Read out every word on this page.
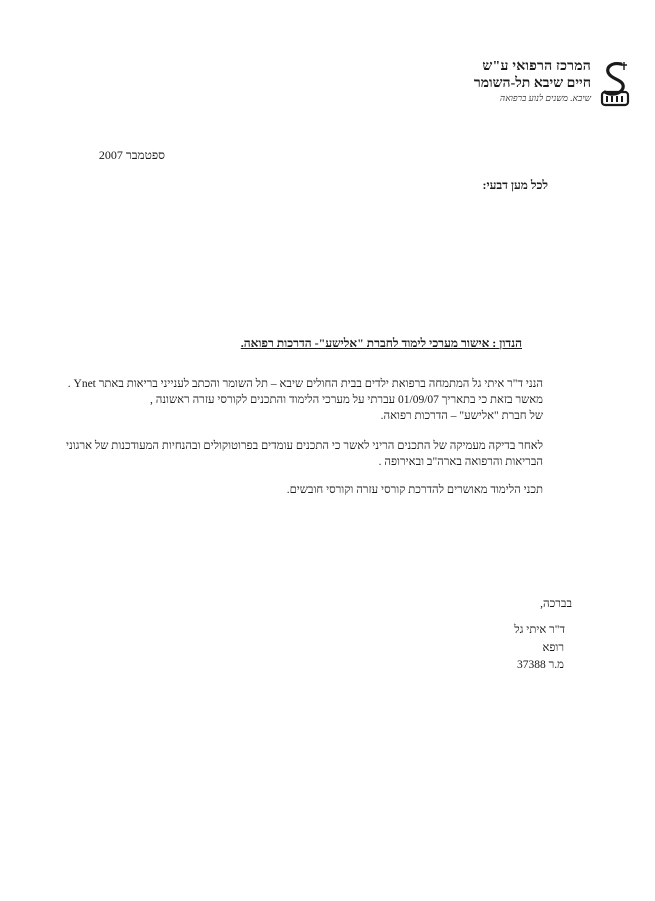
המרכז הרפואי ע"ש
חיים שיבא תל-השומר
שיבא. משנים לנוע ברפואה
ספטמבר 2007
לכל מען דבעי:
הנדון : אישור מערכי לימוד לחברת "אלישע"- הדרכות רפואה.
הנני ד"ר איתי גל המתמחה ברפואת ילדים בבית החולים שיבא – תל השומר והכתב לענייני בריאות באתר Ynet .
מאשר בזאת כי בתאריך 01/09/07 עברתי על מערכי הלימוד והתכנים לקורסי עזרה ראשונה ,
של חברת "אלישע" – הדרכות רפואה.
לאחר בדיקה מעמיקה של התכנים הריני לאשר כי התכנים עומדים בפרוטוקולים ובהנחיות המעודכנות של ארגוני
הבריאות והרפואה בארה"ב ובאירופה .
תכני הלימוד מאושרים להדרכת קורסי עזרה וקורסי חובשים.
בברכה,
ד"ר איתי גל
רופא
מ.ר 37388
